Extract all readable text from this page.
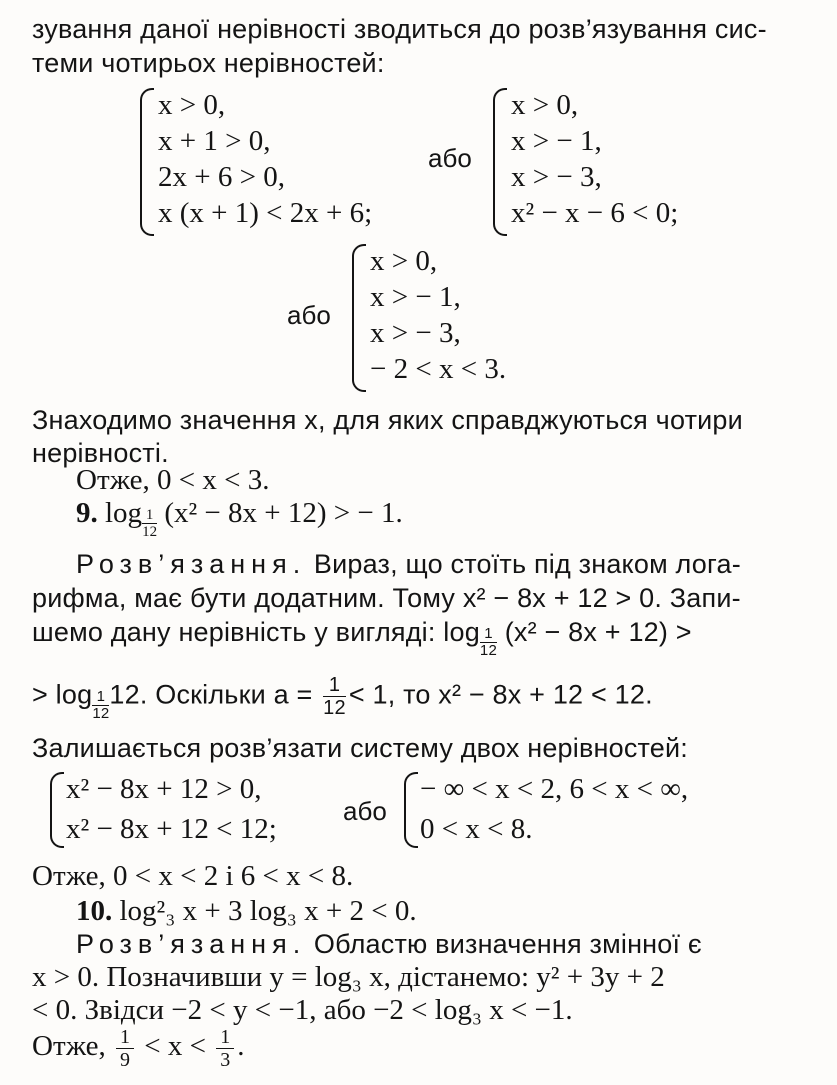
зування даної нерівності зводиться до розв’язування сис-
теми чотирьох нерівностей:
x > 0,
x + 1 > 0,
2x + 6 > 0,
x (x + 1) < 2x + 6;
або
x > 0,
x > − 1,
x > − 3,
x² − x − 6 < 0;
або
x > 0,
x > − 1,
x > − 3,
− 2 < x < 3.
Знаходимо значення x, для яких справджуються чотири
нерівності.
Отже, 0 < x < 3.
9. $\log \frac{1}{12} (x^2 - 8x + 12)$ > − 1.
Розв’язання. Вираз, що стоїть під знаком лога-
рифма, має бути додатним. Тому x² − 8x + 12 > 0. Запи-
шемо дану нерівність у вигляді: $\log \frac{1}{12} (x^2 - 8x + 12)$ >
> $\log \frac{1}{12} 12$. Оскільки $a = \frac{1}{12} < 1$, то x² − 8x + 12 < 12.
Залишається розв’язати систему двох нерівностей:
x² − 8x + 12 > 0,
x² − 8x + 12 < 12;
або
− ∞ < x < 2, 6 < x < ∞,
0 < x < 8.
Отже, 0 < x < 2 і 6 < x < 8.
10. log²₃ x + 3 log₃ x + 2 < 0.
Розв’язання. Областю визначення змінної є
x > 0. Позначивши y = log₃ x, дістанемо: y² + 3y + 2
< 0. Звідси −2 < y < −1, або −2 < log₃ x < −1.
Отже, $\frac{1}{9} < x < \frac{1}{3}$ .
